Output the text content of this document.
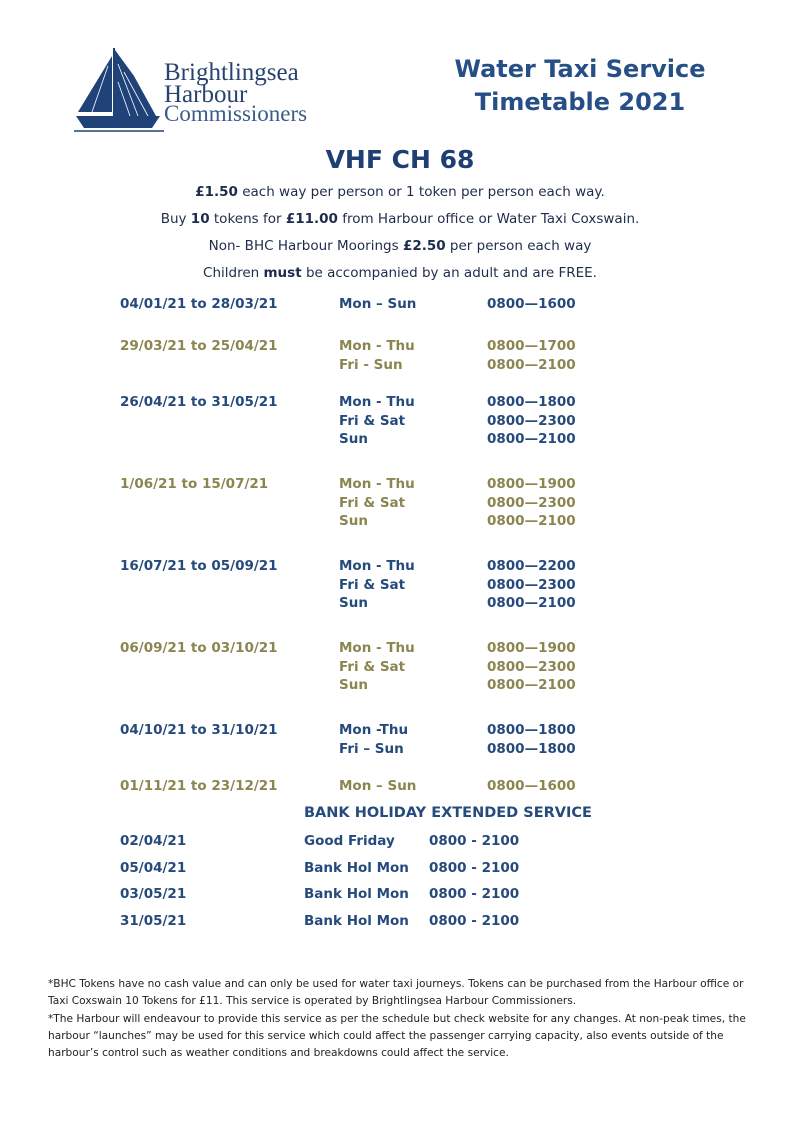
Brightlingsea
Harbour
Commissioners
Water Taxi Service
Timetable 2021
VHF CH 68
£1.50 each way per person or 1 token per person each way.
Buy 10 tokens for £11.00 from Harbour office or Water Taxi Coxswain.
Non- BHC Harbour Moorings £2.50 per person each way
Children must be accompanied by an adult and are FREE.
04/01/21 to 28/03/21	Mon – Sun	0800—1600
29/03/21 to 25/04/21	Mon - Thu	0800—1700
Fri - Sun	0800—2100
26/04/21 to 31/05/21	Mon - Thu	0800—1800
Fri & Sat	0800—2300
Sun	0800—2100
1/06/21 to 15/07/21	Mon - Thu	0800—1900
Fri & Sat	0800—2300
Sun	0800—2100
16/07/21 to 05/09/21	Mon - Thu	0800—2200
Fri & Sat	0800—2300
Sun	0800—2100
06/09/21 to 03/10/21	Mon - Thu	0800—1900
Fri & Sat	0800—2300
Sun	0800—2100
04/10/21 to 31/10/21	Mon -Thu	0800—1800
Fri – Sun	0800—1800
01/11/21 to 23/12/21	Mon – Sun	0800—1600
BANK HOLIDAY EXTENDED SERVICE
02/04/21	Good Friday	0800 - 2100
05/04/21	Bank Hol Mon 0800 - 2100
03/05/21	Bank Hol Mon 0800 - 2100
31/05/21	Bank Hol Mon 0800 - 2100
*BHC Tokens have no cash value and can only be used for water taxi journeys. Tokens can be purchased from the Harbour office or Taxi Coxswain 10 Tokens for £11. This service is operated by Brightlingsea Harbour Commissioners.
*The Harbour will endeavour to provide this service as per the schedule but check website for any changes. At non-peak times, the harbour “launches” may be used for this service which could affect the passenger carrying capacity, also events outside of the harbour’s control such as weather conditions and breakdowns could affect the service.
